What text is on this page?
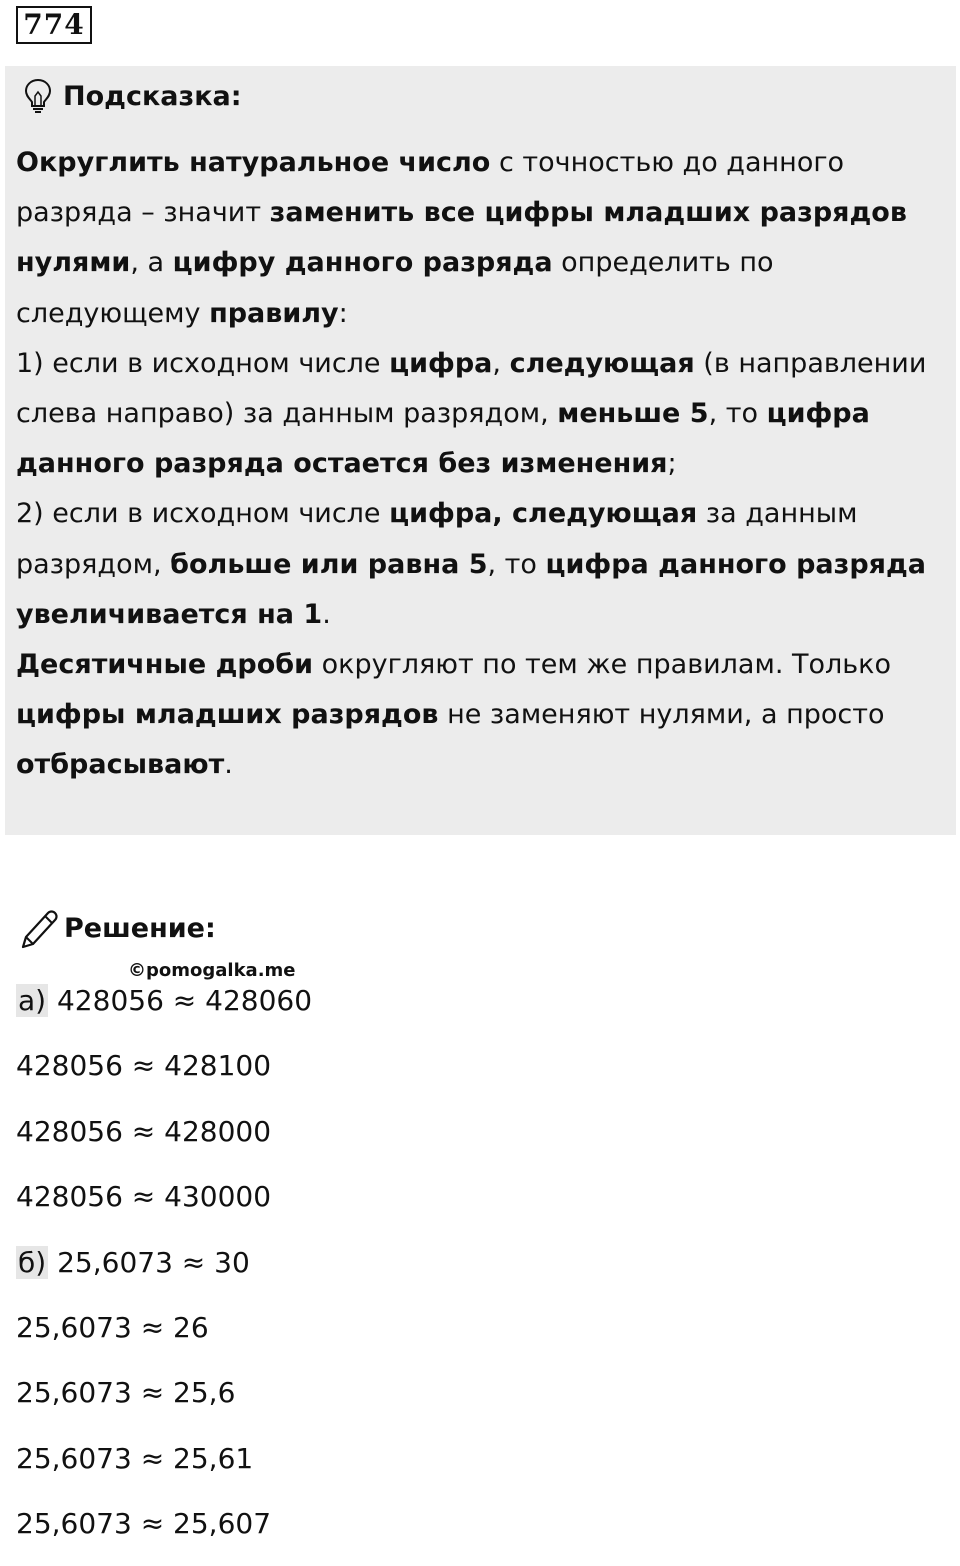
774
Подсказка:

Округлить натуральное число с точностью до данного разряда – значит заменить все цифры младших разрядов нулями, а цифру данного разряда определить по следующему правилу:

1) если в исходном числе цифра, следующая (в направлении слева направо) за данным разрядом, меньше 5, то цифра данного разряда остается без изменения;

2) если в исходном числе цифра, следующая за данным разрядом, больше или равна 5, то цифра данного разряда увеличивается на 1.

Десятичные дроби округляют по тем же правилам. Только цифры младших разрядов не заменяют нулями, а просто отбрасывают.

Решение:
©pomogalka.me
а) 428056 ≈ 428060
428056 ≈ 428100
428056 ≈ 428000
428056 ≈ 430000
б) 25,6073 ≈ 30
25,6073 ≈ 26
25,6073 ≈ 25,6
25,6073 ≈ 25,61
25,6073 ≈ 25,607
